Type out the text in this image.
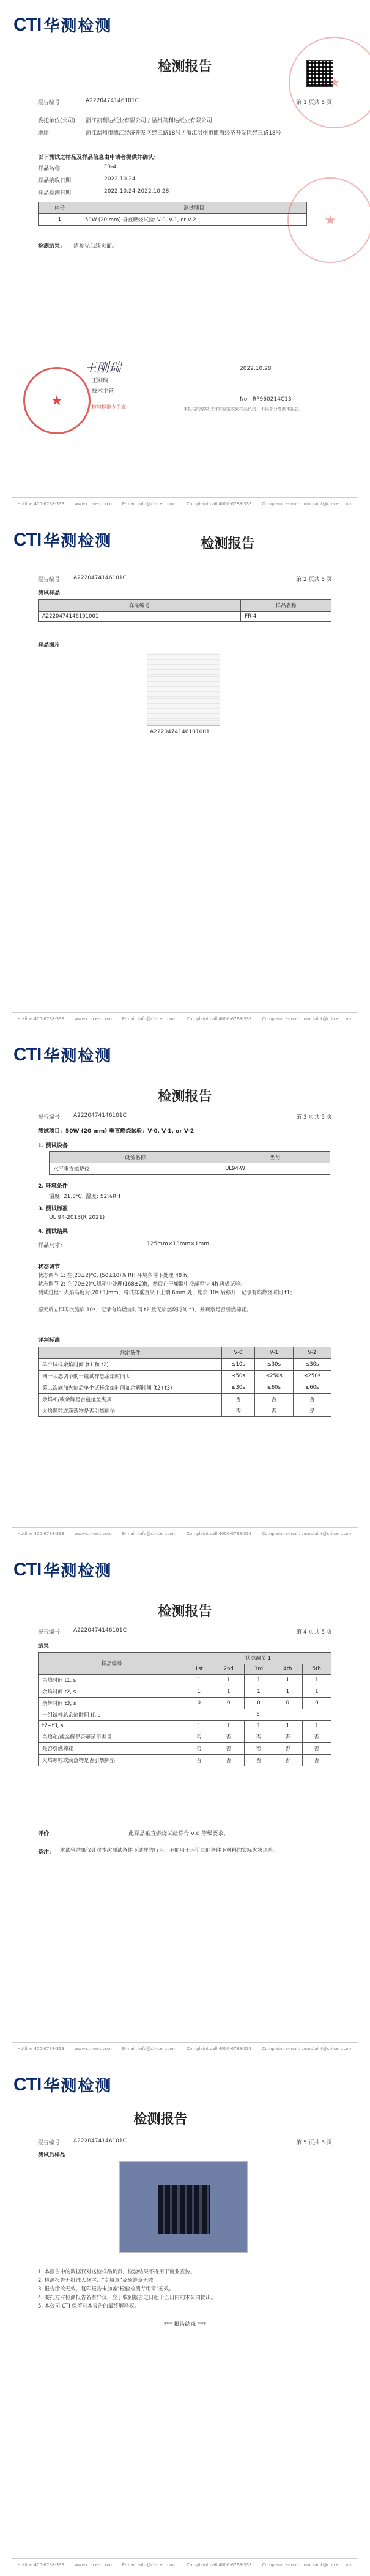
CTI 华测检测
检测报告
报告编号	A2220474146101C	第 1 页共 5 页
委托单位(公司) 浙江凯利达纸业有限公司 / 温州凯利达纸业有限公司
地址	浙江温州市瓯江经济开发区经三路18号 / 浙江温州市瓯海经济开发区经三路18号
以下测试之样品及样品信息由申请者提供并确认：
样品名称	FR-4
样品接收日期	2022.10.24
样品检测日期	2022.10.24-2022.10.28
序号	测试项目
1	50W (20 mm) 垂直燃烧试验: V-0, V-1, or V-2
检测结果： 请参见后续页面。
★
★
王刚瑞
★
王刚瑞
技术主管
检验检测专用章
2022.10.28
No.: RP960214C13
本报告的结果仅对实验室收到样品负责，不得部分复制本报告。
Hotline 400-6788-333 www.cti-cert.com E-mail: info@cti-cert.com Complaint call 4000-6788-333 Complaint e-mail: complaint@cti-cert.com
CTI 华测检测	检测报告
报告编号 A2220474146101C	第 2 页共 5 页
测试样品
样品编号	样品名称
A2220474146101001	FR-4
样品图片
A2220474146101001
Hotline 400-6788-333 www.cti-cert.com E-mail: info@cti-cert.com Complaint call 4000-6788-333 Complaint e-mail: complaint@cti-cert.com
CTI 华测检测
检测报告
报告编号 A2220474146101C	第 3 页共 5 页
测试项目：50W (20 mm) 垂直燃烧试验：V-0, V-1, or V-2
1. 测试设备
设备名称	型号
水平垂直燃烧仪	UL94-W
2. 环境条件
温度: 21.8℃; 湿度: 52%RH
3. 测试标准
UL 94-2013(R 2021)
4. 测试结果
样品尺寸：	125mm×13mm×1mm
状态调节
状态调节 1: 在(23±2)℃, (50±10)% RH 环境条件下处理 48 h。
状态调节 2: 在(70±2)℃烘箱中处理(168±2)h，然后在干燥器中冷却至少 4h 再做试验。
测试过程：火焰高度为(20±1)mm，将试样垂直夹于上端 6mm 处，施焰 10s 后移开，记录有焰燃烧时间 t1；
熄灭后立即再次施焰 10s，记录有焰燃烧时间 t2 及无焰燃烧时间 t3，并观察是否引燃棉花。
评判标准
判定条件	V-0	V-1	V-2
单个试样余焰时间 (t1 和 t2)	≤10s	≤30s	≤30s
同一状态调节的一组试样总余焰时间 tf	≤50s	≤250s	≤250s
第二次施加火焰后单个试样余焰时间加余辉时间 (t2+t3)	≤30s	≤60s	≤60s
余焰和/或余辉是否蔓延至夹具	否	否	否
火焰颗粒或滴落物是否引燃棉垫	否	否	是
Hotline 400-6788-333 www.cti-cert.com E-mail: info@cti-cert.com Complaint call 4000-6788-333 Complaint e-mail: complaint@cti-cert.com
CTI 华测检测
检测报告
报告编号 A2220474146101C	第 4 页共 5 页
结果
样品编号	状态调节 1				
	1st	2nd	3rd	4th	5th
余焰时间 t1, s	1	1	1	1	1
余焰时间 t2, s	1	1	1	1	1
余辉时间 t3, s	0	0	0	0	0
一组试样总余焰时间 tf, s	5				
t2+t3, s	1	1	1	1	1
余焰和/或余辉是否蔓延至夹具	否	否	否	否	否
是否引燃棉花	否	否	否	否	否
火焰颗粒或滴落物是否引燃棉垫	否	否	否	否	否
评价	此样品垂直燃烧试验符合 V-0 等级要求。
备注： 本试验结果仅针对本次测试条件下试样的行为，不能用于评价其他条件下材料的实际火灾风险。
Hotline 400-6788-333 www.cti-cert.com E-mail: info@cti-cert.com Complaint call 4000-6788-333 Complaint e-mail: complaint@cti-cert.com
CTI 华测检测
检测报告
报告编号 A2220474146101C	第 5 页共 5 页
测试后样品
1. 本报告中的数据仅对送检样品负责，检验结果不得用于商业宣传。
2. 检测报告无批准人签字、"专用章"及骑缝章无效。
3. 报告涂改无效，复印报告未加盖"检验检测专用章"无效。
4. 委托方对检测报告若有异议，应于收到报告之日起十五日内向本公司提出。
5. 本公司 CTI 保留对本报告的最终解释权。
*** 报告结束 ***
Hotline 400-6788-333 www.cti-cert.com E-mail: info@cti-cert.com Complaint call 4000-6788-333 Complaint e-mail: complaint@cti-cert.com
